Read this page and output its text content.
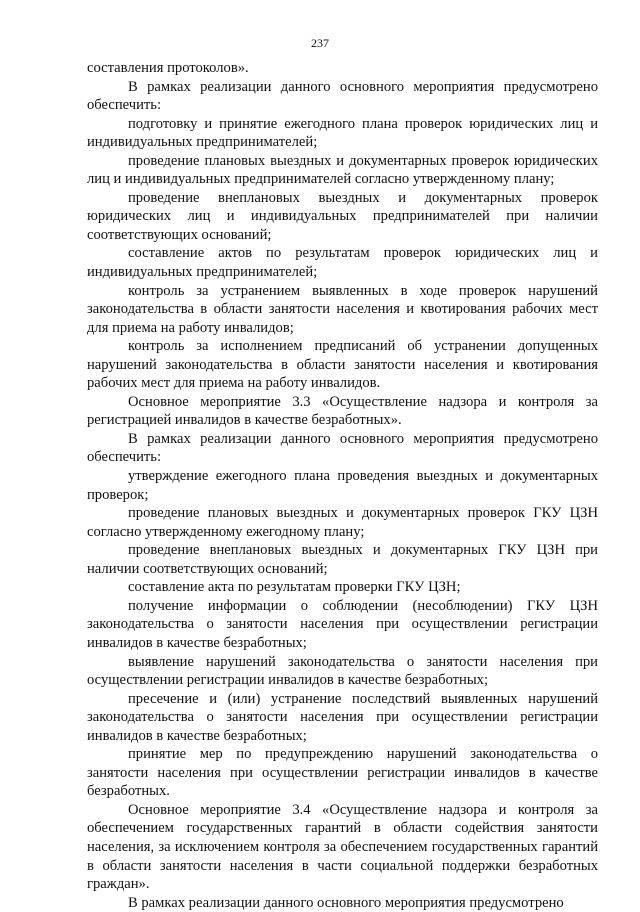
237

составления протоколов».

В рамках реализации данного основного мероприятия предусмотрено обеспечить:

подготовку и принятие ежегодного плана проверок юридических лиц и индивидуальных предпринимателей;

проведение плановых выездных и документарных проверок юридических лиц и индивидуальных предпринимателей согласно утвержденному плану;

проведение внеплановых выездных и документарных проверок юридических лиц и индивидуальных предпринимателей при наличии соответствующих оснований;

составление актов по результатам проверок юридических лиц и индивидуальных предпринимателей;

контроль за устранением выявленных в ходе проверок нарушений законодательства в области занятости населения и квотирования рабочих мест для приема на работу инвалидов;

контроль за исполнением предписаний об устранении допущенных нарушений законодательства в области занятости населения и квотирования рабочих мест для приема на работу инвалидов.

Основное мероприятие 3.3 «Осуществление надзора и контроля за регистрацией инвалидов в качестве безработных».

В рамках реализации данного основного мероприятия предусмотрено обеспечить:

утверждение ежегодного плана проведения выездных и документарных проверок;

проведение плановых выездных и документарных проверок ГКУ ЦЗН согласно утвержденному ежегодному плану;

проведение внеплановых выездных и документарных ГКУ ЦЗН при наличии соответствующих оснований;

составление акта по результатам проверки ГКУ ЦЗН;

получение информации о соблюдении (несоблюдении) ГКУ ЦЗН законодательства о занятости населения при осуществлении регистрации инвалидов в качестве безработных;

выявление нарушений законодательства о занятости населения при осуществлении регистрации инвалидов в качестве безработных;

пресечение и (или) устранение последствий выявленных нарушений законодательства о занятости населения при осуществлении регистрации инвалидов в качестве безработных;

принятие мер по предупреждению нарушений законодательства о занятости населения при осуществлении регистрации инвалидов в качестве безработных.

Основное мероприятие 3.4 «Осуществление надзора и контроля за обеспечением государственных гарантий в области содействия занятости населения, за исключением контроля за обеспечением государственных гарантий в области занятости населения в части социальной поддержки безработных граждан».

В рамках реализации данного основного мероприятия предусмотрено
